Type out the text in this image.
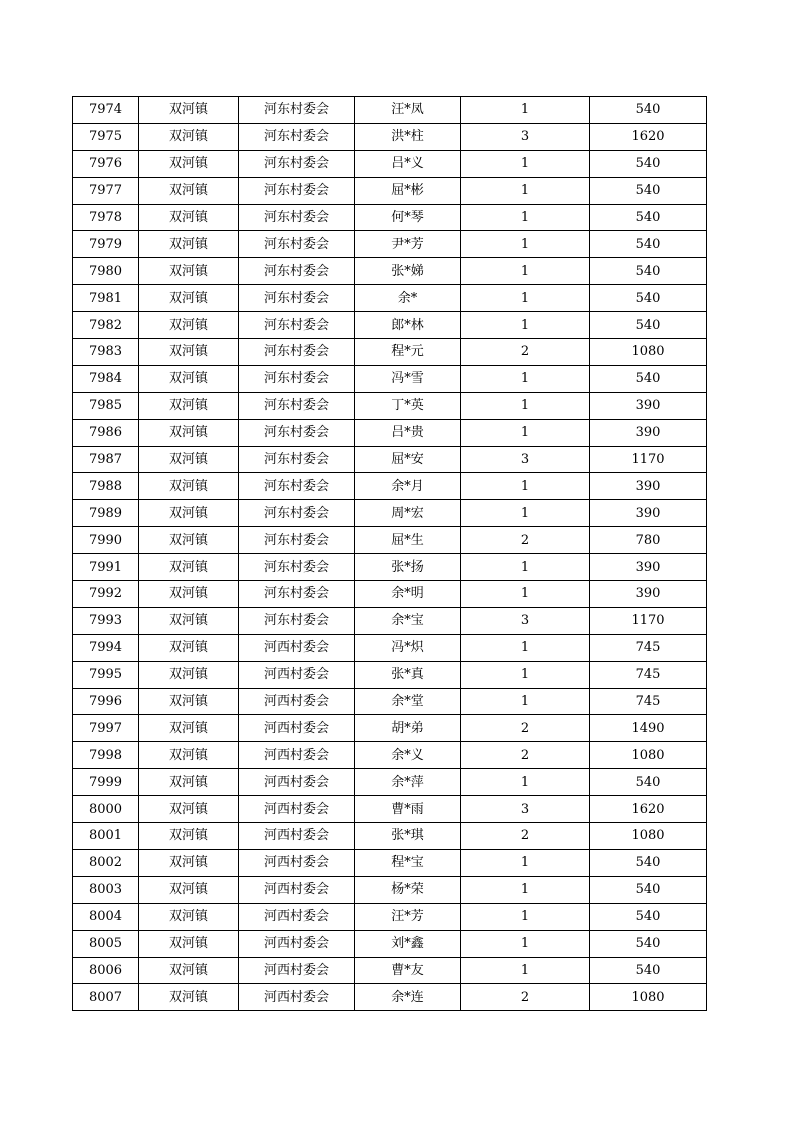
7974	双河镇	河东村委会	汪*凤	1	540
7975	双河镇	河东村委会	洪*柱	3	1620
7976	双河镇	河东村委会	吕*义	1	540
7977	双河镇	河东村委会	屈*彬	1	540
7978	双河镇	河东村委会	何*琴	1	540
7979	双河镇	河东村委会	尹*芳	1	540
7980	双河镇	河东村委会	张*娣	1	540
7981	双河镇	河东村委会	余*	1	540
7982	双河镇	河东村委会	郎*林	1	540
7983	双河镇	河东村委会	程*元	2	1080
7984	双河镇	河东村委会	冯*雪	1	540
7985	双河镇	河东村委会	丁*英	1	390
7986	双河镇	河东村委会	吕*贵	1	390
7987	双河镇	河东村委会	屈*安	3	1170
7988	双河镇	河东村委会	余*月	1	390
7989	双河镇	河东村委会	周*宏	1	390
7990	双河镇	河东村委会	屈*生	2	780
7991	双河镇	河东村委会	张*扬	1	390
7992	双河镇	河东村委会	余*明	1	390
7993	双河镇	河东村委会	余*宝	3	1170
7994	双河镇	河西村委会	冯*炽	1	745
7995	双河镇	河西村委会	张*真	1	745
7996	双河镇	河西村委会	余*堂	1	745
7997	双河镇	河西村委会	胡*弟	2	1490
7998	双河镇	河西村委会	余*义	2	1080
7999	双河镇	河西村委会	余*萍	1	540
8000	双河镇	河西村委会	曹*雨	3	1620
8001	双河镇	河西村委会	张*琪	2	1080
8002	双河镇	河西村委会	程*宝	1	540
8003	双河镇	河西村委会	杨*荣	1	540
8004	双河镇	河西村委会	汪*芳	1	540
8005	双河镇	河西村委会	刘*鑫	1	540
8006	双河镇	河西村委会	曹*友	1	540
8007	双河镇	河西村委会	余*连	2	1080
